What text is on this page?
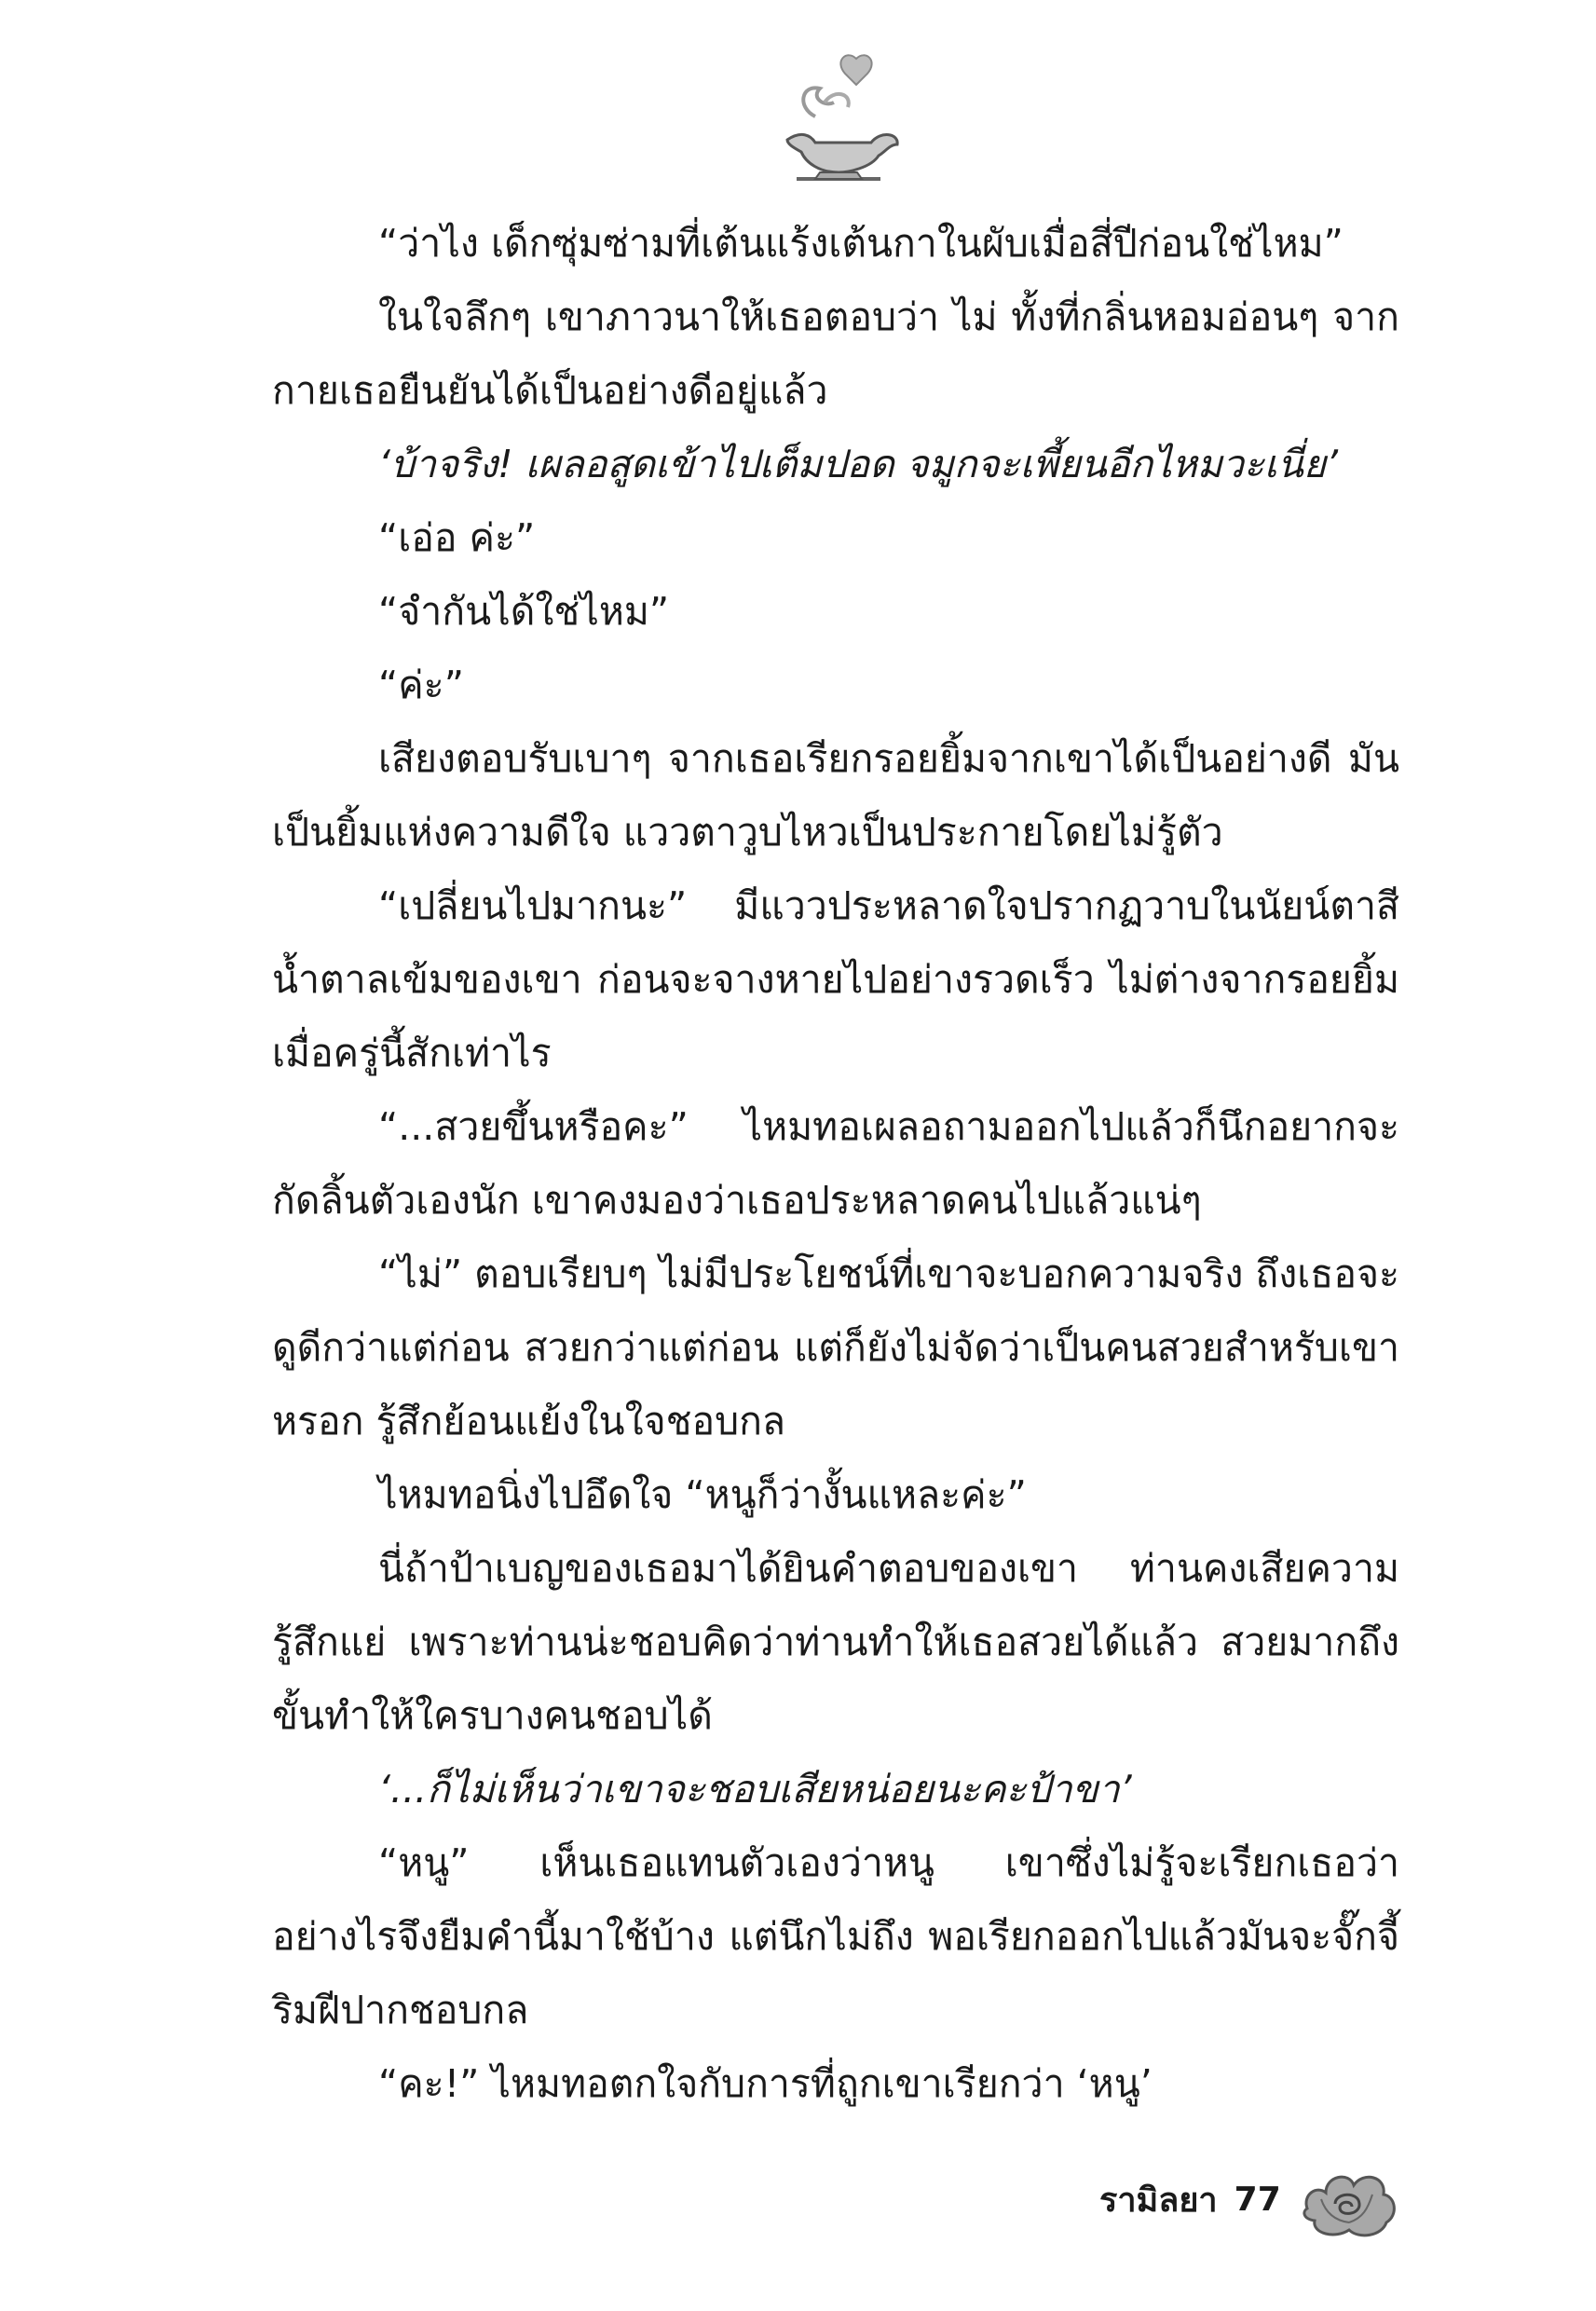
“ว่าไง เด็กซุ่มซ่ามที่เต้นแร้งเต้นกาในผับเมื่อสี่ปีก่อนใช่ไหม”

ในใจลึกๆ เขาภาวนาให้เธอตอบว่า ไม่ ทั้งที่กลิ่นหอมอ่อนๆ จากกายเธอยืนยันได้เป็นอย่างดีอยู่แล้ว

‘บ้าจริง! เผลอสูดเข้าไปเต็มปอด จมูกจะเพี้ยนอีกไหมวะเนี่ย’

“เอ่อ ค่ะ”

“จำกันได้ใช่ไหม”

“ค่ะ”

เสียงตอบรับเบาๆ จากเธอเรียกรอยยิ้มจากเขาได้เป็นอย่างดี มันเป็นยิ้มแห่งความดีใจ แววตาวูบไหวเป็นประกายโดยไม่รู้ตัว

“เปลี่ยนไปมากนะ” มีแววประหลาดใจปรากฏวาบในนัยน์ตาสีน้ำตาลเข้มของเขา ก่อนจะจางหายไปอย่างรวดเร็ว ไม่ต่างจากรอยยิ้มเมื่อครู่นี้สักเท่าไร

“...สวยขึ้นหรือคะ” ไหมทอเผลอถามออกไปแล้วก็นึกอยากจะกัดลิ้นตัวเองนัก เขาคงมองว่าเธอประหลาดคนไปแล้วแน่ๆ

“ไม่” ตอบเรียบๆ ไม่มีประโยชน์ที่เขาจะบอกความจริง ถึงเธอจะดูดีกว่าแต่ก่อน สวยกว่าแต่ก่อน แต่ก็ยังไม่จัดว่าเป็นคนสวยสำหรับเขาหรอก รู้สึกย้อนแย้งในใจชอบกล

ไหมทอนิ่งไปอึดใจ “หนูก็ว่างั้นแหละค่ะ”

นี่ถ้าป้าเบญของเธอมาได้ยินคำตอบของเขา ท่านคงเสียความรู้สึกแย่ เพราะท่านน่ะชอบคิดว่าท่านทำให้เธอสวยได้แล้ว สวยมากถึงขั้นทำให้ใครบางคนชอบได้

‘...ก็ไม่เห็นว่าเขาจะชอบเสียหน่อยนะคะป้าขา’

“หนู” เห็นเธอแทนตัวเองว่าหนู เขาซึ่งไม่รู้จะเรียกเธอว่าอย่างไรจึงยืมคำนี้มาใช้บ้าง แต่นึกไม่ถึง พอเรียกออกไปแล้วมันจะจั๊กจี้ริมฝีปากชอบกล

“คะ!” ไหมทอตกใจกับการที่ถูกเขาเรียกว่า ‘หนู’

รามิลยา 77
